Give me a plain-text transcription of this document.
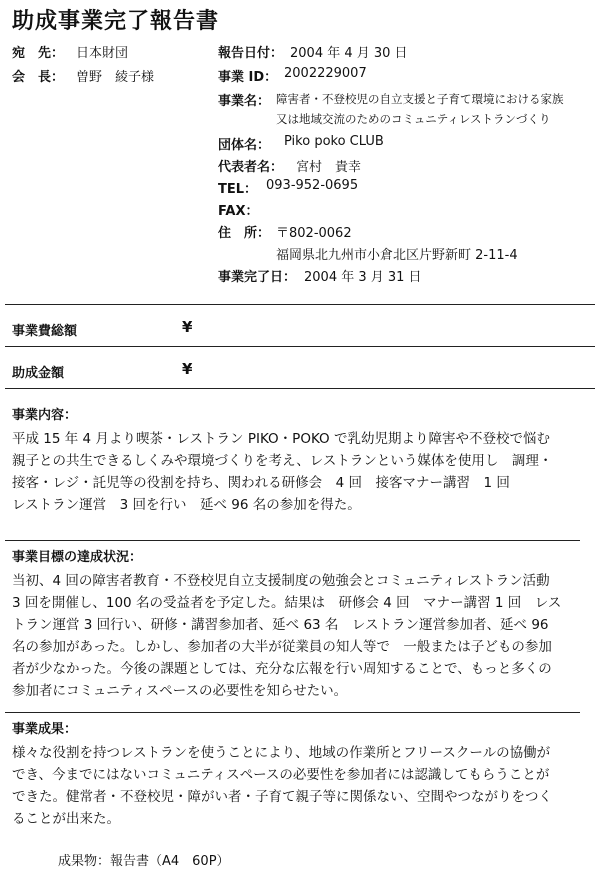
助成事業完了報告書
宛　先： 日本財団
会　長： 曽野　綾子様
報告日付： 2004 年 4 月 30 日
事業 ID： 2002229007
事業名： 障害者・不登校児の自立支援と子育て環境における家族
又は地域交流のためのコミュニティレストランづくり
団体名： Piko poko CLUB
代表者名： 宮村　貴幸
TEL： 093-952-0695
FAX：
住　所： 〒802-0062
福岡県北九州市小倉北区片野新町 2-11-4
事業完了日： 2004 年 3 月 31 日
事業費総額	¥
助成金額	¥
事業内容：
平成 15 年 4 月より喫茶・レストラン PIKO・POKO で乳幼児期より障害や不登校で悩む
親子との共生できるしくみや環境づくりを考え、レストランという媒体を使用し　調理・
接客・レジ・託児等の役割を持ち、関われる研修会　4 回　接客マナー講習　1 回
レストラン運営　3 回を行い　延べ 96 名の参加を得た。
事業目標の達成状況：
当初、4 回の障害者教育・不登校児自立支援制度の勉強会とコミュニティレストラン活動
3 回を開催し、100 名の受益者を予定した。結果は　研修会 4 回　マナー講習 1 回　レス
トラン運営 3 回行い、研修・講習参加者、延べ 63 名　レストラン運営参加者、延べ 96
名の参加があった。しかし、参加者の大半が従業員の知人等で　一般または子どもの参加
者が少なかった。今後の課題としては、充分な広報を行い周知することで、もっと多くの
参加者にコミュニティスペースの必要性を知らせたい。
事業成果：
様々な役割を持つレストランを使うことにより、地域の作業所とフリースクールの協働が
でき、今までにはないコミュニティスペースの必要性を参加者には認識してもらうことが
できた。健常者・不登校児・障がい者・子育て親子等に関係ない、空間やつながりをつく
ることが出来た。
成果物：報告書（A4　60P）
